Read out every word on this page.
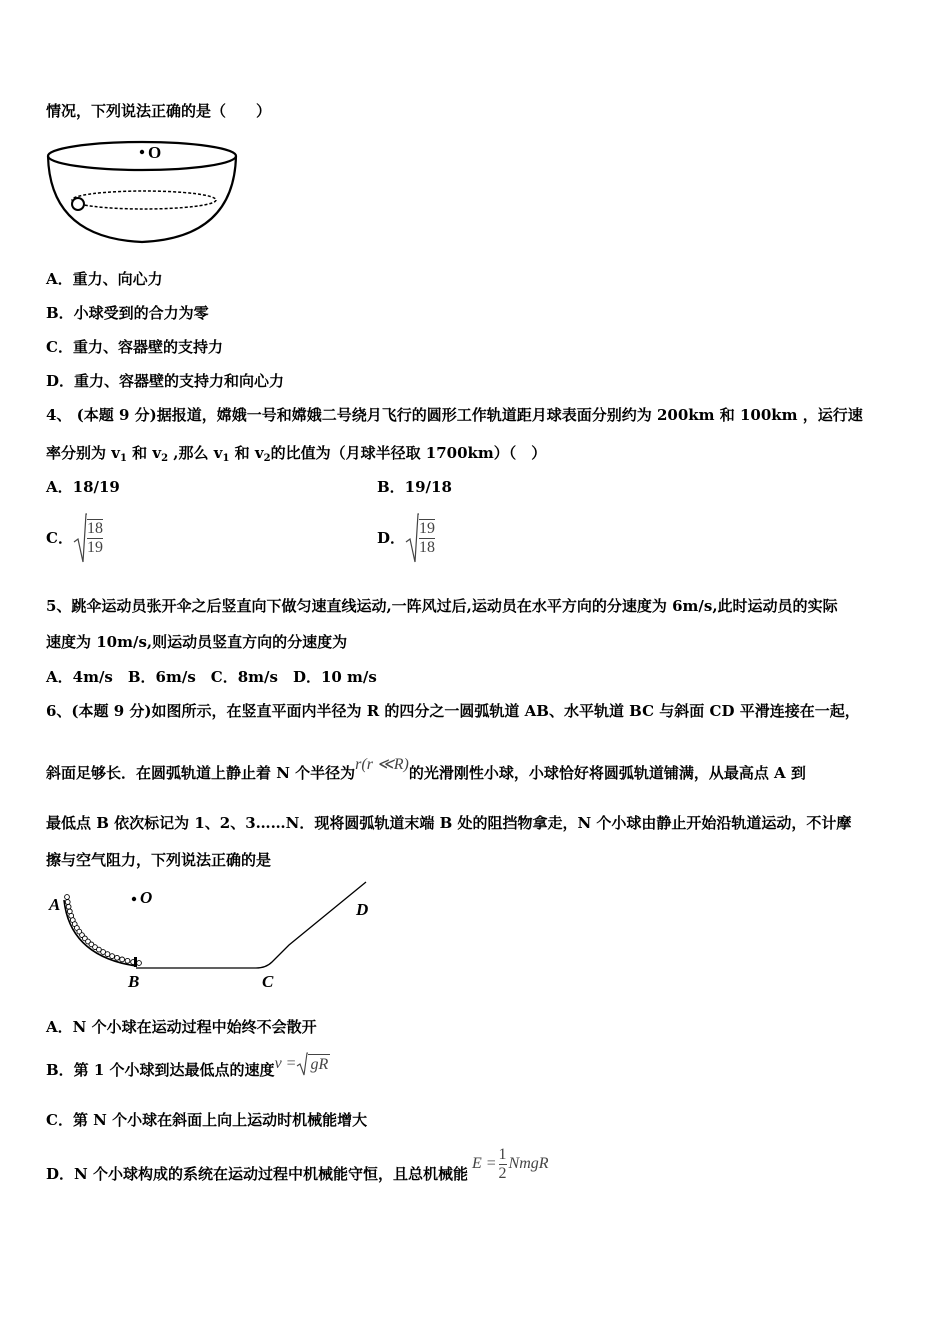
情况，下列说法正确的是（　　）
O
A．重力、向心力
B．小球受到的合力为零
C．重力、容器壁的支持力
D．重力、容器壁的支持力和向心力
4、 (本题 9 分)据报道，嫦娥一号和嫦娥二号绕月飞行的圆形工作轨道距月球表面分别约为 200km 和 100km ，运行速
率分别为 $v_1$ 和 $v_2$ ,那么 $v_1$ 和 $v_2$的比值为（月球半径取 1700km）（　）
A．18/19	B．19/18
C． $\frac{18}{19}$	D． $\frac{19}{18}$
5、跳伞运动员张开伞之后竖直向下做匀速直线运动,一阵风过后,运动员在水平方向的分速度为 6m/s,此时运动员的实际
速度为 10m/s,则运动员竖直方向的分速度为
A．4m/s　B．6m/s　C．8m/s　D．10 m/s
6、(本题 9 分)如图所示，在竖直平面内半径为 R 的四分之一圆弧轨道 AB、水平轨道 BC 与斜面 CD 平滑连接在一起，
斜面足够长．在圆弧轨道上静止着 N 个半径为 r(r ≪R) 的光滑刚性小球，小球恰好将圆弧轨道铺满，从最高点 A 到
最低点 B 依次标记为 1、2、3……N．现将圆弧轨道末端 B 处的阻挡物拿走，N 个小球由静止开始沿轨道运动，不计摩
擦与空气阻力，下列说法正确的是
A	O
B	C
D
A．N 个小球在运动过程中始终不会散开
B．第 1 个小球到达最低点的速度 v = gR
C．第 N 个小球在斜面上向上运动时机械能增大
D．N 个小球构成的系统在运动过程中机械能守恒，且总机械能
$E = \frac{1}{2}$ NmgR
